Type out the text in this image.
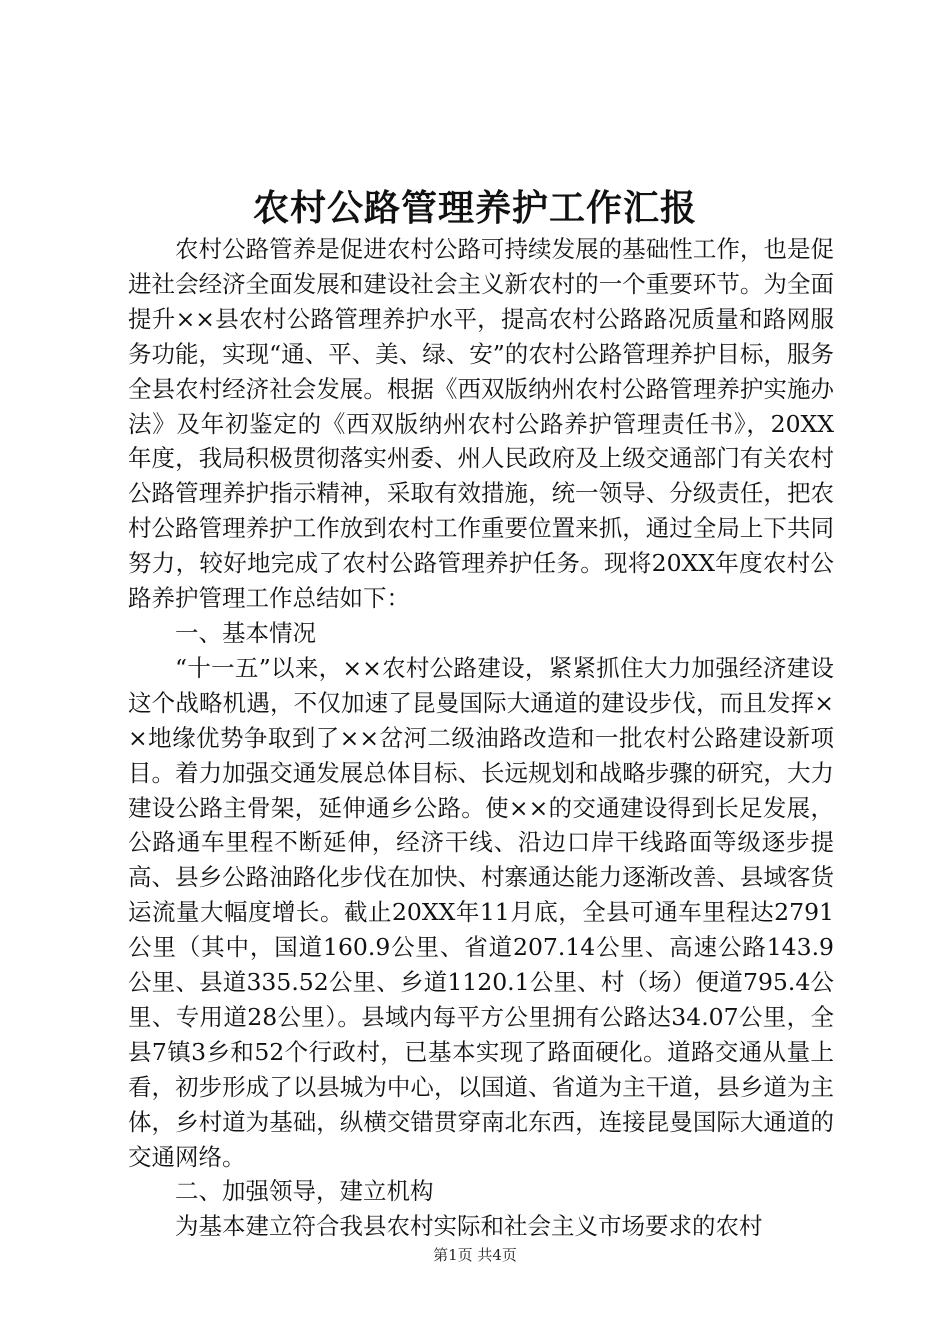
农村公路管理养护工作汇报

农村公路管养是促进农村公路可持续发展的基础性工作，也是促进社会经济全面发展和建设社会主义新农村的一个重要环节。为全面提升××县农村公路管理养护水平，提高农村公路路况质量和路网服务功能，实现“通、平、美、绿、安”的农村公路管理养护目标，服务全县农村经济社会发展。根据《西双版纳州农村公路管理养护实施办法》及年初鉴定的《西双版纳州农村公路养护管理责任书》，20XX年度，我局积极贯彻落实州委、州人民政府及上级交通部门有关农村公路管理养护指示精神，采取有效措施，统一领导、分级责任，把农村公路管理养护工作放到农村工作重要位置来抓，通过全局上下共同努力，较好地完成了农村公路管理养护任务。现将20XX年度农村公路养护管理工作总结如下：

一、基本情况

“十一五”以来，××农村公路建设，紧紧抓住大力加强经济建设这个战略机遇，不仅加速了昆曼国际大通道的建设步伐，而且发挥××地缘优势争取到了××岔河二级油路改造和一批农村公路建设新项目。着力加强交通发展总体目标、长远规划和战略步骤的研究，大力建设公路主骨架，延伸通乡公路。使××的交通建设得到长足发展，公路通车里程不断延伸，经济干线、沿边口岸干线路面等级逐步提高、县乡公路油路化步伐在加快、村寨通达能力逐渐改善、县域客货运流量大幅度增长。截止20XX年11月底，全县可通车里程达2791公里（其中，国道160.9公里、省道207.14公里、高速公路143.9公里、县道335.52公里、乡道1120.1公里、村（场）便道795.4公里、专用道28公里）。县域内每平方公里拥有公路达34.07公里，全县7镇3乡和52个行政村，已基本实现了路面硬化。道路交通从量上看，初步形成了以县城为中心，以国道、省道为主干道，县乡道为主体，乡村道为基础，纵横交错贯穿南北东西，连接昆曼国际大通道的交通网络。

二、加强领导，建立机构

为基本建立符合我县农村实际和社会主义市场要求的农村

第1页 共4页
